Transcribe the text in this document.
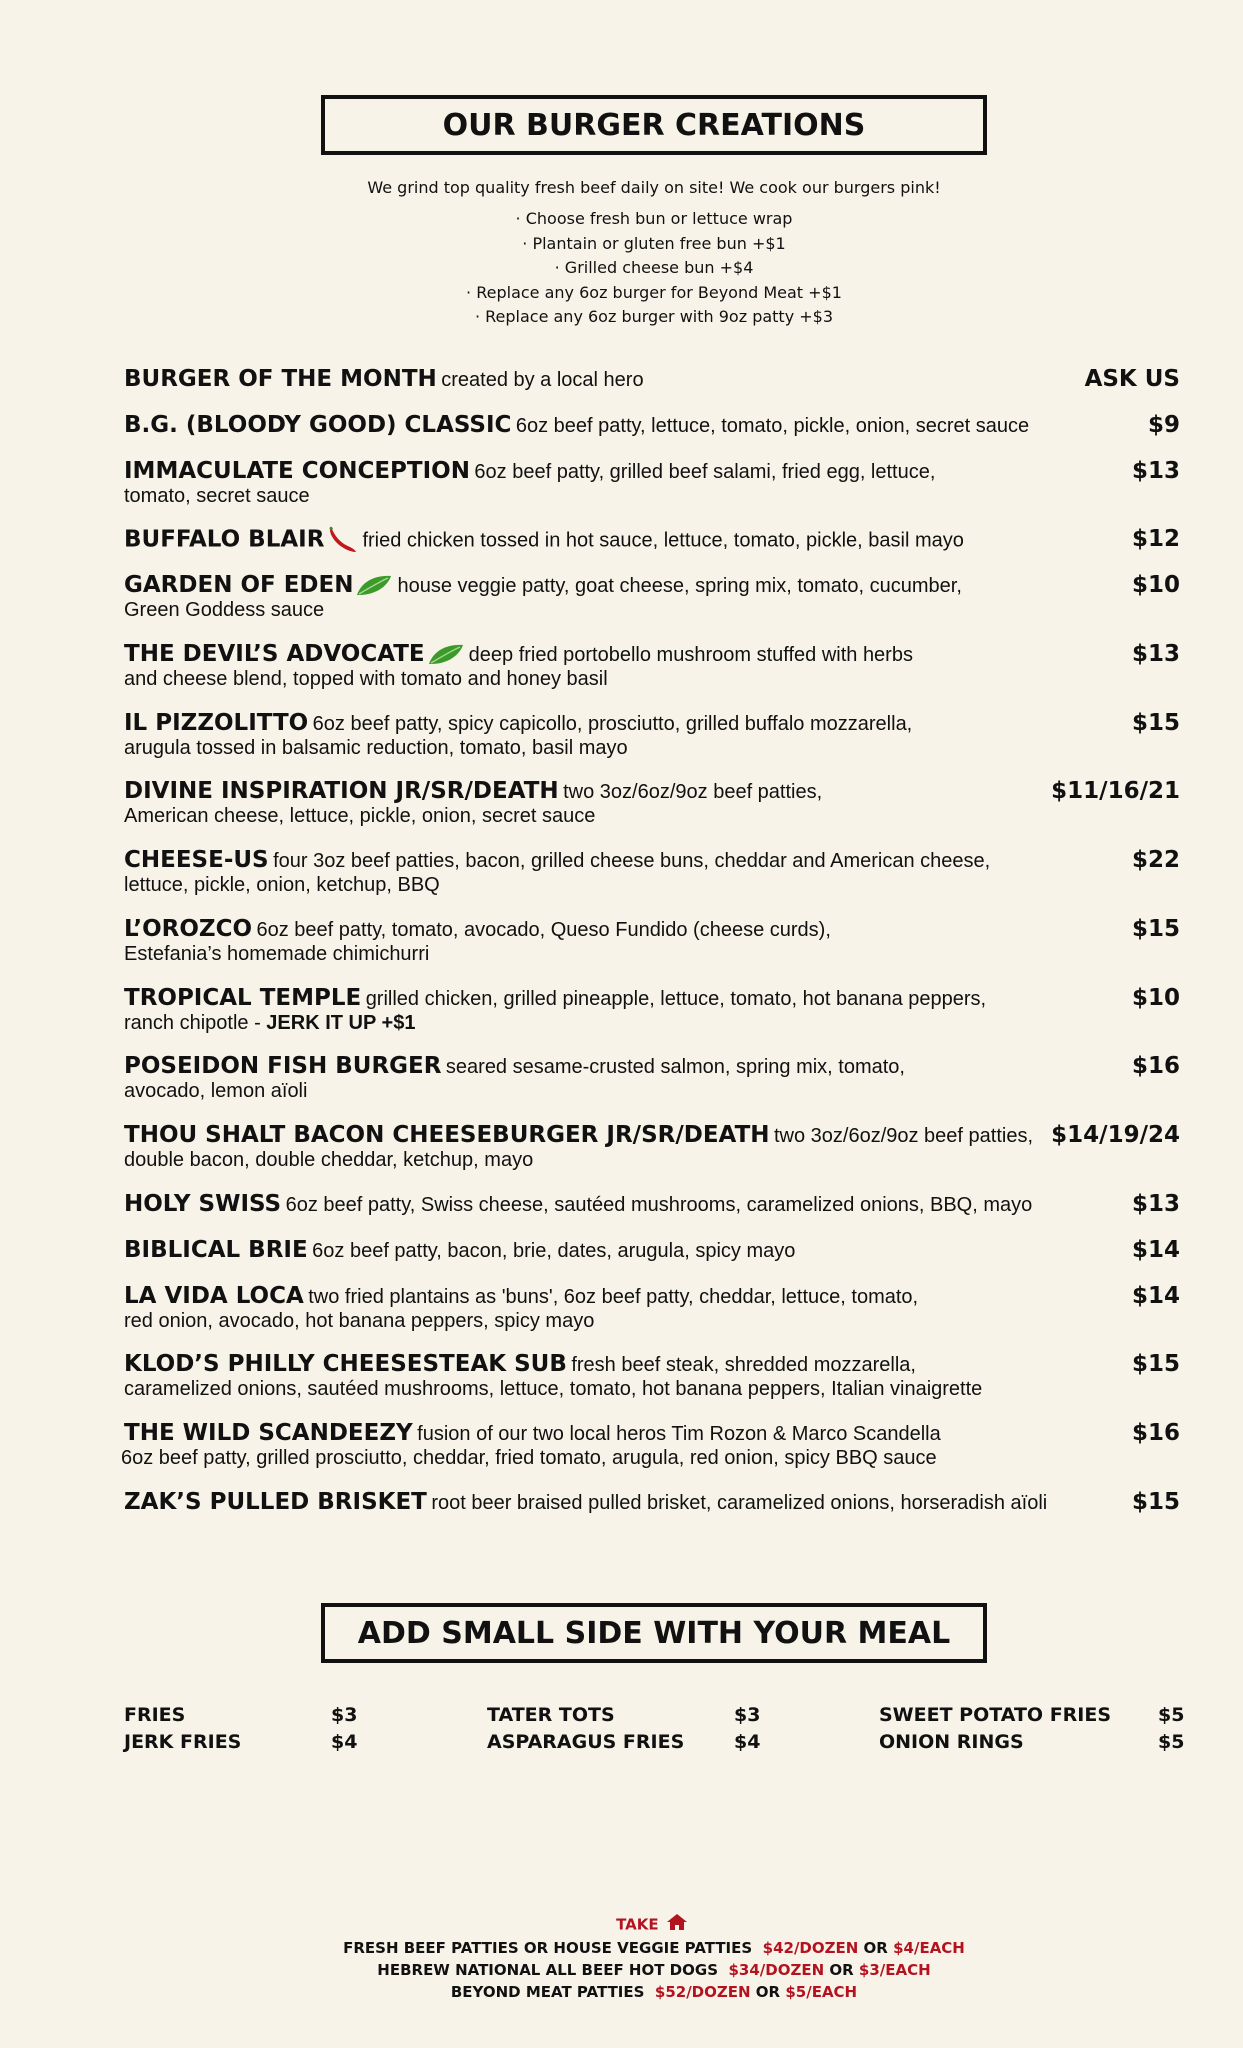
OUR BURGER CREATIONS
We grind top quality fresh beef daily on site! We cook our burgers pink!
· Choose fresh bun or lettuce wrap
· Plantain or gluten free bun +$1
· Grilled cheese bun +$4
· Replace any 6oz burger for Beyond Meat +$1
· Replace any 6oz burger with 9oz patty +$3
BURGER OF THE MONTH created by a local hero	ASK US
B.G. (BLOODY GOOD) CLASSIC 6oz beef patty, lettuce, tomato, pickle, onion, secret sauce	$9
IMMACULATE CONCEPTION 6oz beef patty, grilled beef salami, fried egg, lettuce,	$13
tomato, secret sauce
BUFFALO BLAIR fried chicken tossed in hot sauce, lettuce, tomato, pickle, basil mayo	$12
GARDEN OF EDEN house veggie patty, goat cheese, spring mix, tomato, cucumber,	$10
Green Goddess sauce
THE DEVIL’S ADVOCATE deep fried portobello mushroom stuffed with herbs	$13
and cheese blend, topped with tomato and honey basil
IL PIZZOLITTO 6oz beef patty, spicy capicollo, prosciutto, grilled buffalo mozzarella,	$15
arugula tossed in balsamic reduction, tomato, basil mayo
DIVINE INSPIRATION JR/SR/DEATH two 3oz/6oz/9oz beef patties,	$11/16/21
American cheese, lettuce, pickle, onion, secret sauce
CHEESE-US four 3oz beef patties, bacon, grilled cheese buns, cheddar and American cheese,	$22
lettuce, pickle, onion, ketchup, BBQ
L’OROZCO 6oz beef patty, tomato, avocado, Queso Fundido (cheese curds),	$15
Estefania’s homemade chimichurri
TROPICAL TEMPLE grilled chicken, grilled pineapple, lettuce, tomato, hot banana peppers,	$10
ranch chipotle - JERK IT UP +$1
POSEIDON FISH BURGER seared sesame-crusted salmon, spring mix, tomato,	$16
avocado, lemon aïoli
THOU SHALT BACON CHEESEBURGER JR/SR/DEATH two 3oz/6oz/9oz beef patties, $14/19/24
double bacon, double cheddar, ketchup, mayo
HOLY SWISS 6oz beef patty, Swiss cheese, sautéed mushrooms, caramelized onions, BBQ, mayo	$13
BIBLICAL BRIE 6oz beef patty, bacon, brie, dates, arugula, spicy mayo	$14
LA VIDA LOCA two fried plantains as 'buns', 6oz beef patty, cheddar, lettuce, tomato,	$14
red onion, avocado, hot banana peppers, spicy mayo
KLOD’S PHILLY CHEESESTEAK SUB fresh beef steak, shredded mozzarella,	$15
caramelized onions, sautéed mushrooms, lettuce, tomato, hot banana peppers, Italian vinaigrette
THE WILD SCANDEEZY fusion of our two local heros Tim Rozon & Marco Scandella	$16
6oz beef patty, grilled prosciutto, cheddar, fried tomato, arugula, red onion, spicy BBQ sauce
ZAK’S PULLED BRISKET root beer braised pulled brisket, caramelized onions, horseradish aïoli	$15
ADD SMALL SIDE WITH YOUR MEAL
FRIES	$3
JERK FRIES	$4
TATER TOTS	$3
ASPARAGUS FRIES	$4
SWEET POTATO FRIES $5
ONION RINGS	$5
TAKE
FRESH BEEF PATTIES OR HOUSE VEGGIE PATTIES $42/DOZEN OR $4/EACH
HEBREW NATIONAL ALL BEEF HOT DOGS $34/DOZEN OR $3/EACH
BEYOND MEAT PATTIES $52/DOZEN OR $5/EACH
